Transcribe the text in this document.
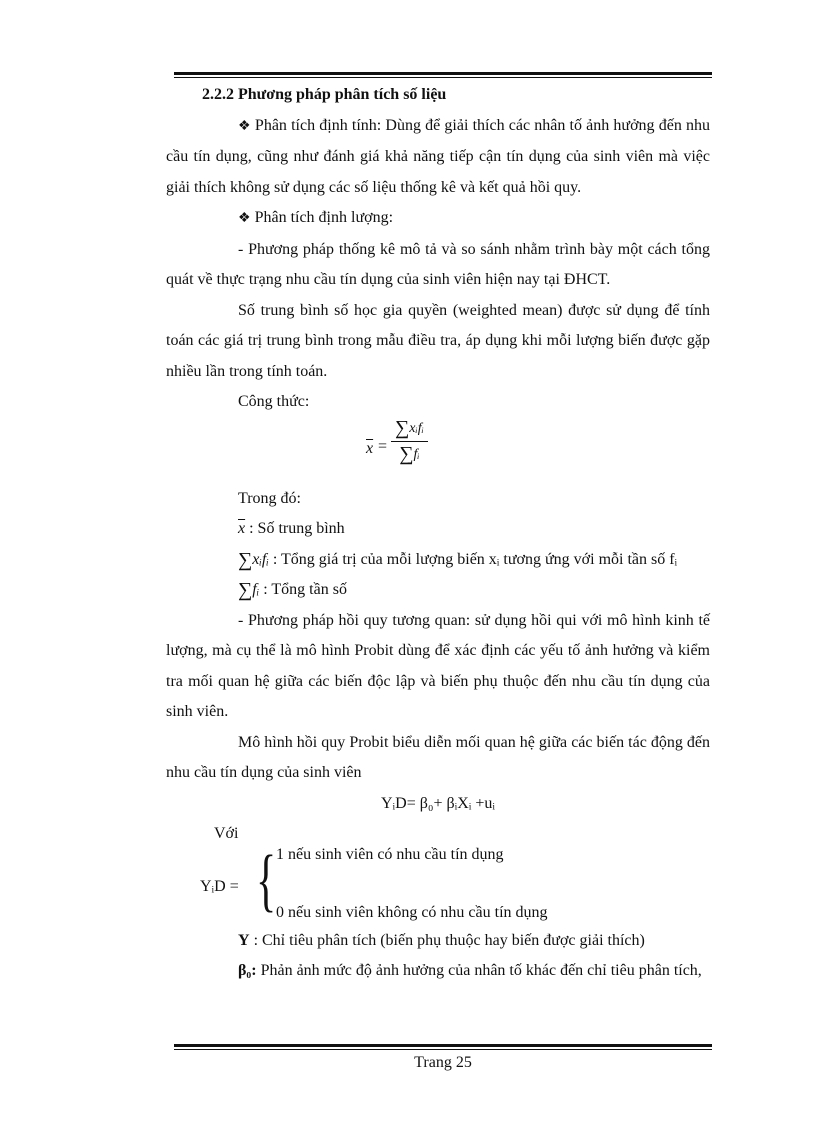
2.2.2 Phương pháp phân tích số liệu

❖ Phân tích định tính: Dùng để giải thích các nhân tố ảnh hưởng đến nhu cầu tín dụng, cũng như đánh giá khả năng tiếp cận tín dụng của sinh viên mà việc giải thích không sử dụng các số liệu thống kê và kết quả hồi quy.

❖ Phân tích định lượng:

- Phương pháp thống kê mô tả và so sánh nhằm trình bày một cách tổng quát về thực trạng nhu cầu tín dụng của sinh viên hiện nay tại ĐHCT.

Số trung bình số học gia quyền (weighted mean) được sử dụng để tính toán các giá trị trung bình trong mẫu điều tra, áp dụng khi mỗi lượng biến được gặp nhiều lần trong tính toán.

Công thức:

$\overline{x}$ =
∑xᵢfᵢ
∑fᵢ

Trong đó:

$\overline{x}$ : Số trung bình

∑xᵢfᵢ : Tổng giá trị của mỗi lượng biến xᵢ tương ứng với mỗi tần số fᵢ

∑fᵢ : Tổng tần số

- Phương pháp hồi quy tương quan: sử dụng hồi qui với mô hình kinh tế lượng, mà cụ thể là mô hình Probit dùng để xác định các yếu tố ảnh hưởng và kiểm tra mối quan hệ giữa các biến độc lập và biến phụ thuộc đến nhu cầu tín dụng của sinh viên.

Mô hình hồi quy Probit biểu diễn mối quan hệ giữa các biến tác động đến nhu cầu tín dụng của sinh viên

YᵢD= β₀+ βᵢXᵢ +uᵢ

Với

YᵢD = { 1 nếu sinh viên có nhu cầu tín dụng
0 nếu sinh viên không có nhu cầu tín dụng

Y : Chỉ tiêu phân tích (biến phụ thuộc hay biến được giải thích)

β₀: Phản ảnh mức độ ảnh hưởng của nhân tố khác đến chỉ tiêu phân tích,

Trang 25
